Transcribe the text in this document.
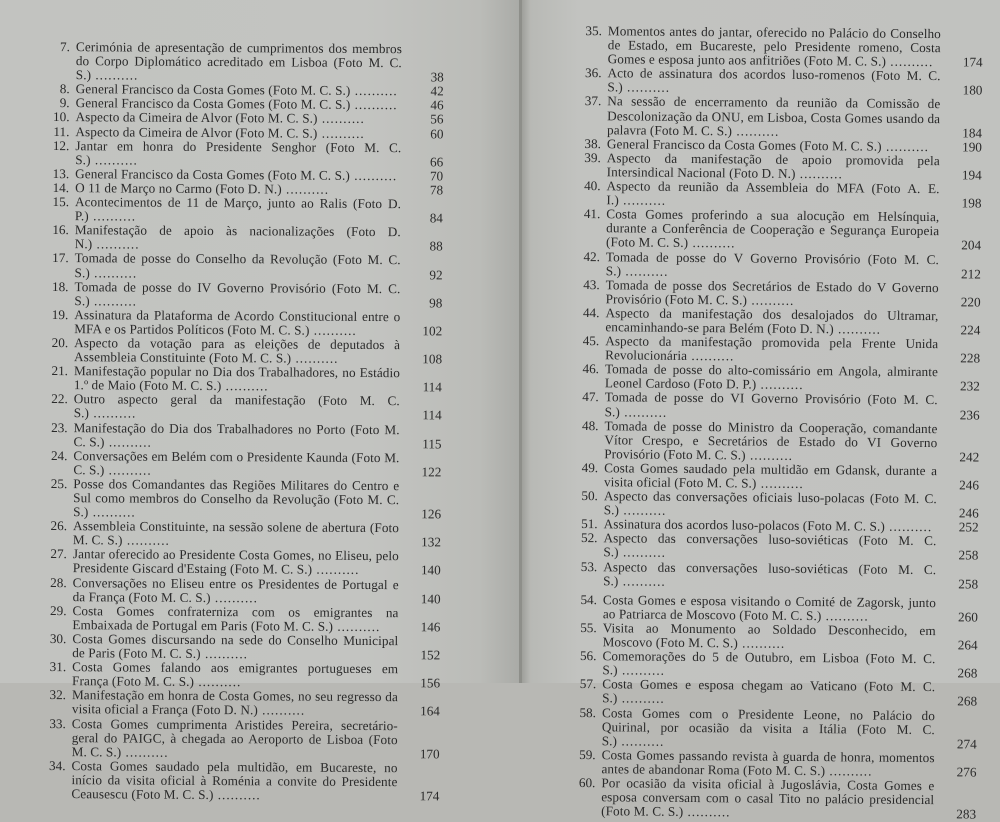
7. Cerimónia de apresentação de cumprimentos dos membros do Corpo Diplomático acreditado em Lisboa (Foto M. C. S.) ..........	38
8. General Francisco da Costa Gomes (Foto M. C. S.) ..........	42
9. General Francisco da Costa Gomes (Foto M. C. S.) ..........	46
10. Aspecto da Cimeira de Alvor (Foto M. C. S.) ..........	56
11. Aspecto da Cimeira de Alvor (Foto M. C. S.) ..........	60
12. Jantar em honra do Presidente Senghor (Foto M. C. S.) ..........	66
13. General Francisco da Costa Gomes (Foto M. C. S.) ..........	70
14. O 11 de Março no Carmo (Foto D. N.) ..........	78
15. Acontecimentos de 11 de Março, junto ao Ralis (Foto D. P.) ..........	84
16. Manifestação de apoio às nacionalizações (Foto D. N.) ..........	88
17. Tomada de posse do Conselho da Revolução (Foto M. C. S.) ..........	92
18. Tomada de posse do IV Governo Provisório (Foto M. C. S.) ..........	98
19. Assinatura da Plataforma de Acordo Constitucional entre o MFA e os Partidos Políticos (Foto M. C. S.) ..........	102
20. Aspecto da votação para as eleições de deputados à Assembleia Constituinte (Foto M. C. S.) ..........	108
21. Manifestação popular no Dia dos Trabalhadores, no Estádio 1.º de Maio (Foto M. C. S.) ..........	114
22. Outro aspecto geral da manifestação (Foto M. C. S.) ..........	114
23. Manifestação do Dia dos Trabalhadores no Porto (Foto M. C. S.) ..........	115
24. Conversações em Belém com o Presidente Kaunda (Foto M. C. S.) ..........	122
25. Posse dos Comandantes das Regiões Militares do Centro e Sul como membros do Conselho da Revolução (Foto M. C. S.) ..........	126
26. Assembleia Constituinte, na sessão solene de abertura (Foto M. C. S.) ..........	132
27. Jantar oferecido ao Presidente Costa Gomes, no Eliseu, pelo Presidente Giscard d'Estaing (Foto M. C. S.) ..........	140
28. Conversações no Eliseu entre os Presidentes de Portugal e da França (Foto M. C. S.) ..........	140
29. Costa Gomes confraterniza com os emigrantes na Embaixada de Portugal em Paris (Foto M. C. S.) ..........	146
30. Costa Gomes discursando na sede do Conselho Municipal de Paris (Foto M. C. S.) ..........	152
31. Costa Gomes falando aos emigrantes portugueses em França (Foto M. C. S.) ..........	156
32. Manifestação em honra de Costa Gomes, no seu regresso da visita oficial a França (Foto D. N.) ..........	164
33. Costa Gomes cumprimenta Aristides Pereira, secretário-geral do PAIGC, à chegada ao Aeroporto de Lisboa (Foto M. C. S.) ..........	170
34. Costa Gomes saudado pela multidão, em Bucareste, no início da visita oficial à Roménia a convite do Presidente Ceausescu (Foto M. C. S.) ..........	174
35. Momentos antes do jantar, oferecido no Palácio do Conselho de Estado, em Bucareste, pelo Presidente romeno, Costa Gomes e esposa junto aos anfitriões (Foto M. C. S.) ..........	174
36. Acto de assinatura dos acordos luso-romenos (Foto M. C. S.) ..........	180
37. Na sessão de encerramento da reunião da Comissão de Descolonização da ONU, em Lisboa, Costa Gomes usando da palavra (Foto M. C. S.) ..........	184
38. General Francisco da Costa Gomes (Foto M. C. S.) ..........	190
39. Aspecto da manifestação de apoio promovida pela Intersindical Nacional (Foto D. N.) ..........	194
40. Aspecto da reunião da Assembleia do MFA (Foto A. E. I.) ..........	198
41. Costa Gomes proferindo a sua alocução em Helsínquia, durante a Conferência de Cooperação e Segurança Europeia (Foto M. C. S.) ..........	204
42. Tomada de posse do V Governo Provisório (Foto M. C. S.) ..........	212
43. Tomada de posse dos Secretários de Estado do V Governo Provisório (Foto M. C. S.) ..........	220
44. Aspecto da manifestação dos desalojados do Ultramar, encaminhando-se para Belém (Foto D. N.) ..........	224
45. Aspecto da manifestação promovida pela Frente Unida Revolucionária ..........	228
46. Tomada de posse do alto-comissário em Angola, almirante Leonel Cardoso (Foto D. P.) ..........	232
47. Tomada de posse do VI Governo Provisório (Foto M. C. S.) ..........	236
48. Tomada de posse do Ministro da Cooperação, comandante Vítor Crespo, e Secretários de Estado do VI Governo Provisório (Foto M. C. S.) ..........	242
49. Costa Gomes saudado pela multidão em Gdansk, durante a visita oficial (Foto M. C. S.) ..........	246
50. Aspecto das conversações oficiais luso-polacas (Foto M. C. S.) ..........	246
51. Assinatura dos acordos luso-polacos (Foto M. C. S.) ..........	252
52. Aspecto das conversações luso-soviéticas (Foto M. C. S.) ..........	258
53. Aspecto das conversações luso-soviéticas (Foto M. C. S.) ..........	258
54. Costa Gomes e esposa visitando o Comité de Zagorsk, junto ao Patriarca de Moscovo (Foto M. C. S.) ..........	260
55. Visita ao Monumento ao Soldado Desconhecido, em Moscovo (Foto M. C. S.) ..........	264
56. Comemorações do 5 de Outubro, em Lisboa (Foto M. C. S.) ..........	268
57. Costa Gomes e esposa chegam ao Vaticano (Foto M. C. S.) ..........	268
58. Costa Gomes com o Presidente Leone, no Palácio do Quirinal, por ocasião da visita a Itália (Foto M. C. S.) ..........	274
59. Costa Gomes passando revista à guarda de honra, momentos antes de abandonar Roma (Foto M. C. S.) ..........	276
60. Por ocasião da visita oficial à Jugoslávia, Costa Gomes e esposa conversam com o casal Tito no palácio presidencial (Foto M. C. S.) ..........	283
